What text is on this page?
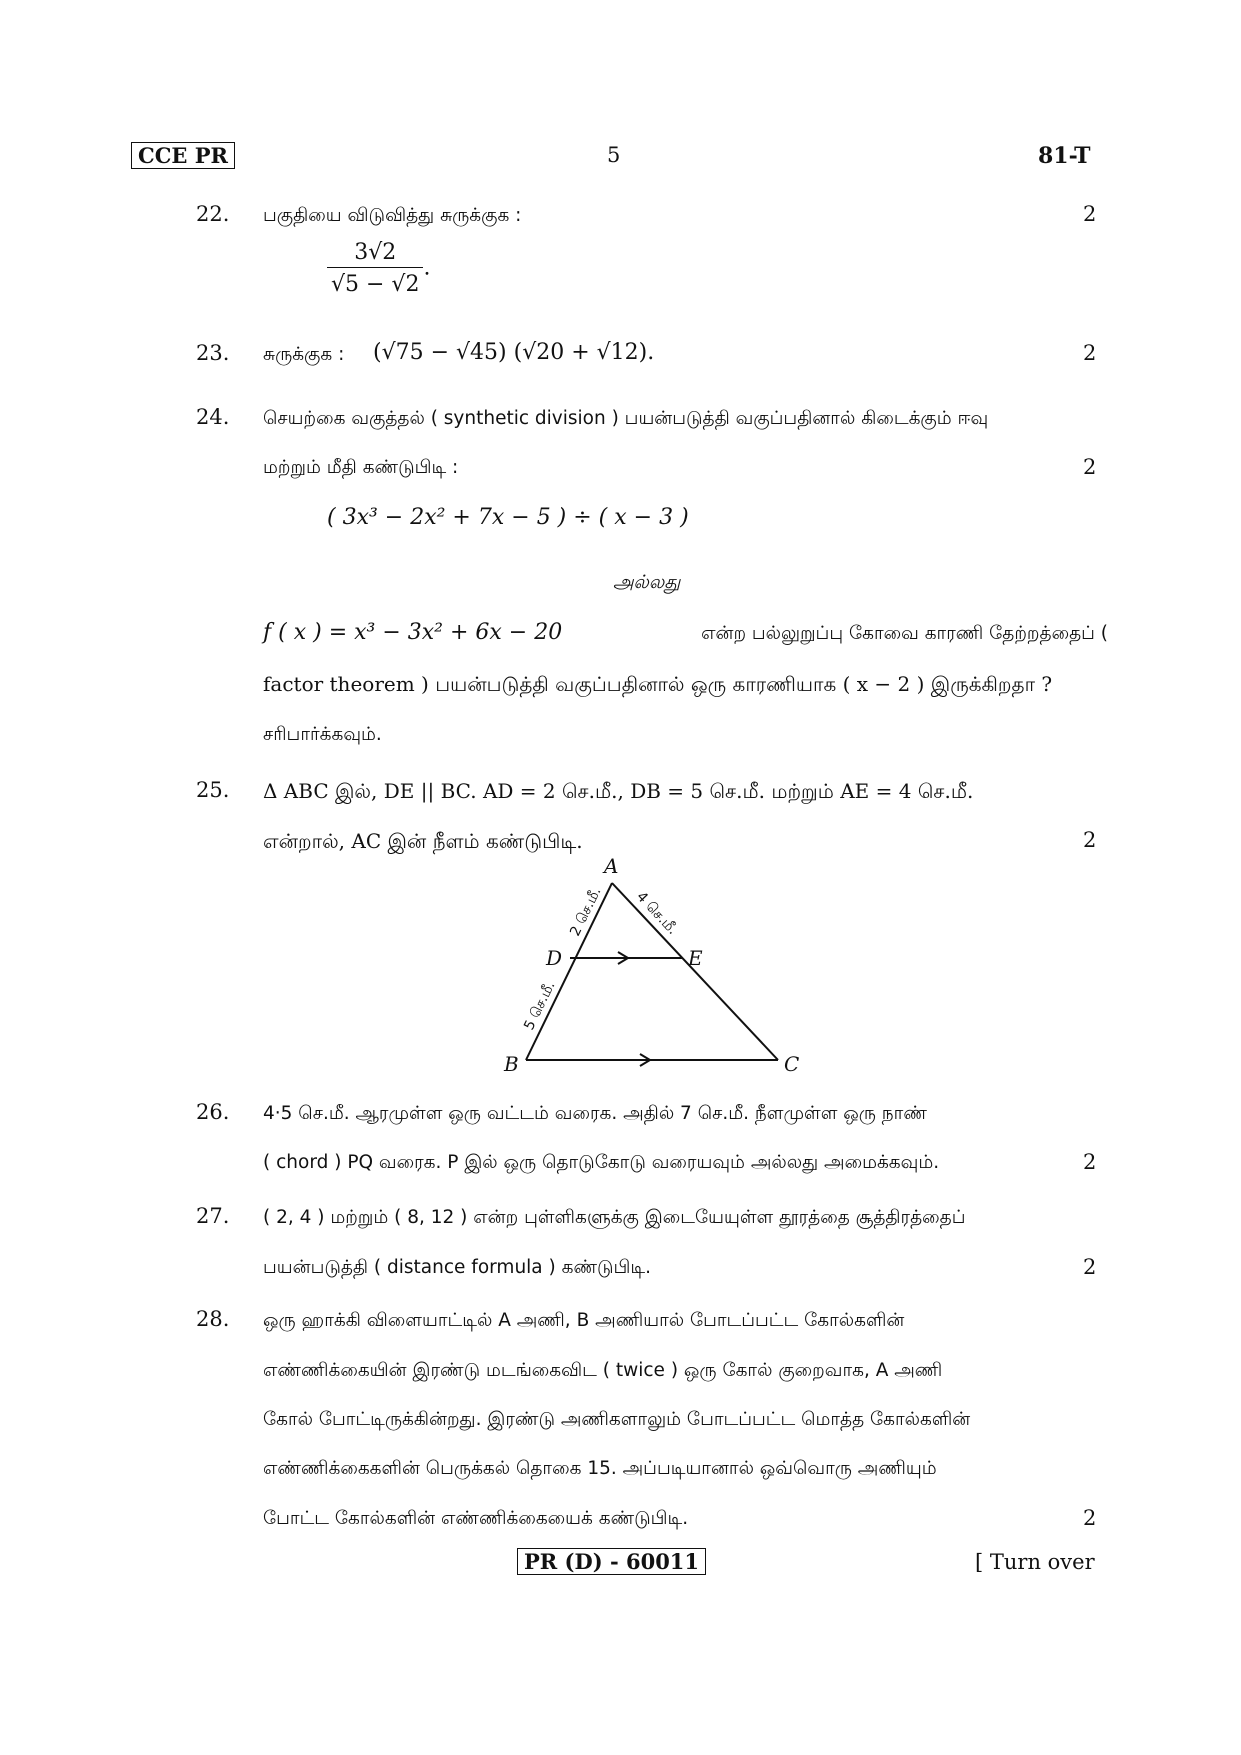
CCE PR	5	81-T
22. பகுதியை விடுவித்து சுருக்குக :	2
$\frac{3√2}{√5 - √2}$ .
23. சுருக்குக : (√75 − √45) (√20 + √12).	2
24. செயற்கை வகுத்தல் ( synthetic division ) பயன்படுத்தி வகுப்பதினால் கிடைக்கும் ஈவு
மற்றும் மீதி கண்டுபிடி :	2
( 3x³ − 2x² + 7x − 5 ) ÷ ( x − 3 )
அல்லது
f ( x ) = x³ − 3x² + 6x − 20	என்ற பல்லுறுப்பு கோவை காரணி தேற்றத்தைப் (
factor theorem ) பயன்படுத்தி வகுப்பதினால் ஒரு காரணியாக ( x − 2 ) இருக்கிறதா ?
சரிபார்க்கவும்.
25. Δ ABC இல், DE || BC. AD = 2 செ.மீ., DB = 5 செ.மீ. மற்றும் AE = 4 செ.மீ.
என்றால், AC இன் நீளம் கண்டுபிடி.	2
A
B	C
D	E
2 செ.மீ. 4 செ.மீ.
5 செ.மீ.
26. 4·5 செ.மீ. ஆரமுள்ள ஒரு வட்டம் வரைக. அதில் 7 செ.மீ. நீளமுள்ள ஒரு நாண்
( chord ) PQ வரைக. P இல் ஒரு தொடுகோடு வரையவும் அல்லது அமைக்கவும்.	2
27. ( 2, 4 ) மற்றும் ( 8, 12 ) என்ற புள்ளிகளுக்கு இடையேயுள்ள தூரத்தை சூத்திரத்தைப்
பயன்படுத்தி ( distance formula ) கண்டுபிடி.	2
28. ஒரு ஹாக்கி விளையாட்டில் A அணி, B அணியால் போடப்பட்ட கோல்களின்
எண்ணிக்கையின் இரண்டு மடங்கைவிட ( twice ) ஒரு கோல் குறைவாக, A அணி
கோல் போட்டிருக்கின்றது. இரண்டு அணிகளாலும் போடப்பட்ட மொத்த கோல்களின்
எண்ணிக்கைகளின் பெருக்கல் தொகை 15. அப்படியானால் ஒவ்வொரு அணியும்
போட்ட கோல்களின் எண்ணிக்கையைக் கண்டுபிடி.	2
PR (D) - 60011	[ Turn over
